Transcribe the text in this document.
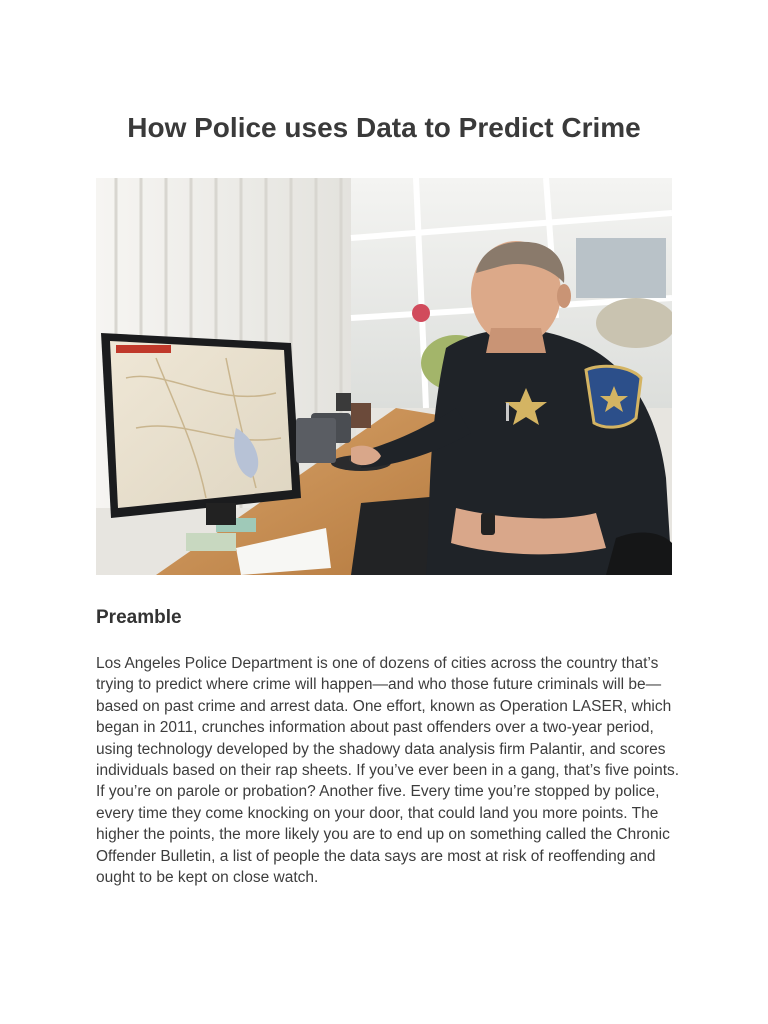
How Police uses Data to Predict Crime
Preamble

Los Angeles Police Department is one of dozens of cities across the country that’s trying to predict where crime will happen—and who those future criminals will be—based on past crime and arrest data. One effort, known as Operation LASER, which began in 2011, crunches information about past offenders over a two-year period, using technology developed by the shadowy data analysis firm Palantir, and scores individuals based on their rap sheets. If you’ve ever been in a gang, that’s five points. If you’re on parole or probation? Another five. Every time you’re stopped by police, every time they come knocking on your door, that could land you more points. The higher the points, the more likely you are to end up on something called the Chronic Offender Bulletin, a list of people the data says are most at risk of reoffending and ought to be kept on close watch.
